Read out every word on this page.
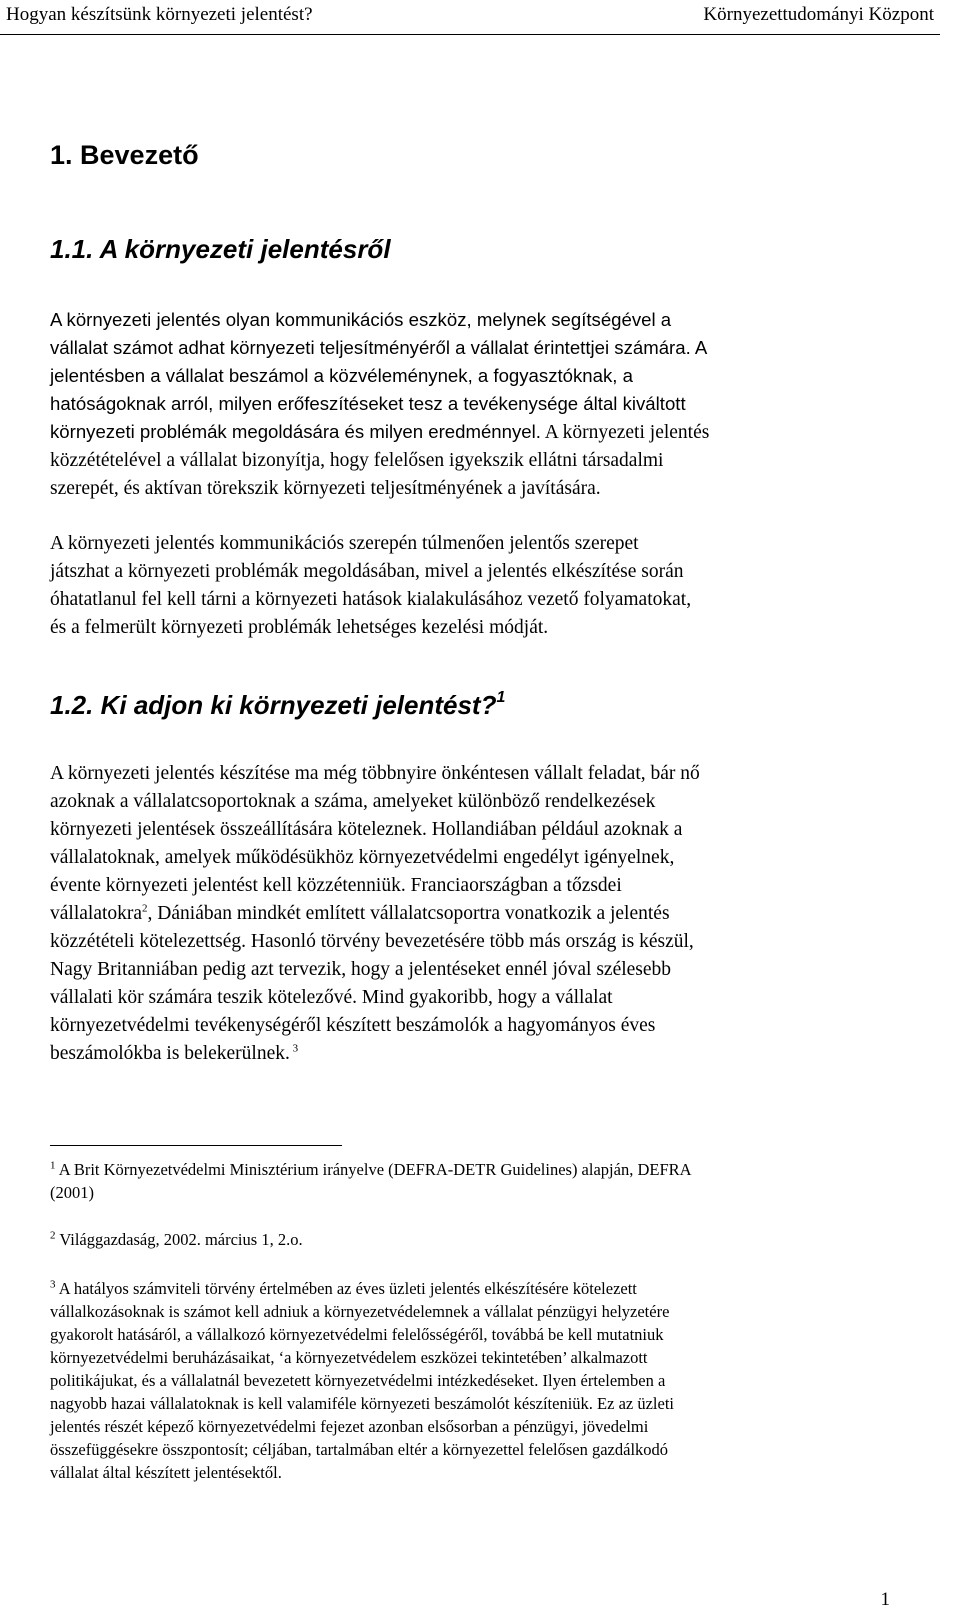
Hogyan készítsünk környezeti jelentést?	Környezettudományi Központ
1. Bevezető
1.1. A környezeti jelentésről
A környezeti jelentés olyan kommunikációs eszköz, melynek segítségével a
vállalat számot adhat környezeti teljesítményéről a vállalat érintettjei számára. A
jelentésben a vállalat beszámol a közvéleménynek, a fogyasztóknak, a
hatóságoknak arról, milyen erőfeszítéseket tesz a tevékenysége által kiváltott
környezeti problémák megoldására és milyen eredménnyel. A környezeti jelentés
közzétételével a vállalat bizonyítja, hogy felelősen igyekszik ellátni társadalmi
szerepét, és aktívan törekszik környezeti teljesítményének a javítására.
A környezeti jelentés kommunikációs szerepén túlmenően jelentős szerepet
játszhat a környezeti problémák megoldásában, mivel a jelentés elkészítése során
óhatatlanul fel kell tárni a környezeti hatások kialakulásához vezető folyamatokat,
és a felmerült környezeti problémák lehetséges kezelési módját.
1.2. Ki adjon ki környezeti jelentést?$^1$
A környezeti jelentés készítése ma még többnyire önkéntesen vállalt feladat, bár nő
azoknak a vállalatcsoportoknak a száma, amelyeket különböző rendelkezések
környezeti jelentések összeállítására köteleznek. Hollandiában például azoknak a
vállalatoknak, amelyek működésükhöz környezetvédelmi engedélyt igényelnek,
évente környezeti jelentést kell közzétenniük. Franciaországban a tőzsdei
vállalatokra$^2$, Dániában mindkét említett vállalatcsoportra vonatkozik a jelentés
közzétételi kötelezettség. Hasonló törvény bevezetésére több más ország is készül,
Nagy Britanniában pedig azt tervezik, hogy a jelentéseket ennél jóval szélesebb
vállalati kör számára teszik kötelezővé. Mind gyakoribb, hogy a vállalat
környezetvédelmi tevékenységéről készített beszámolók a hagyományos éves
beszámolókba is belekerülnek. $^3$
$^1$ A Brit Környezetvédelmi Minisztérium irányelve (DEFRA-DETR Guidelines) alapján, DEFRA
(2001)
$^2$ Világgazdaság, 2002. március 1, 2.o.
$^3$ A hatályos számviteli törvény értelmében az éves üzleti jelentés elkészítésére kötelezett
vállalkozásoknak is számot kell adniuk a környezetvédelemnek a vállalat pénzügyi helyzetére
gyakorolt hatásáról, a vállalkozó környezetvédelmi felelősségéről, továbbá be kell mutatniuk
környezetvédelmi beruházásaikat, ‘a környezetvédelem eszközei tekintetében’ alkalmazott
politikájukat, és a vállalatnál bevezetett környezetvédelmi intézkedéseket. Ilyen értelemben a
nagyobb hazai vállalatoknak is kell valamiféle környezeti beszámolót készíteniük. Ez az üzleti
jelentés részét képező környezetvédelmi fejezet azonban elsősorban a pénzügyi, jövedelmi
összefüggésekre összpontosít; céljában, tartalmában eltér a környezettel felelősen gazdálkodó
vállalat által készített jelentésektől.
1
